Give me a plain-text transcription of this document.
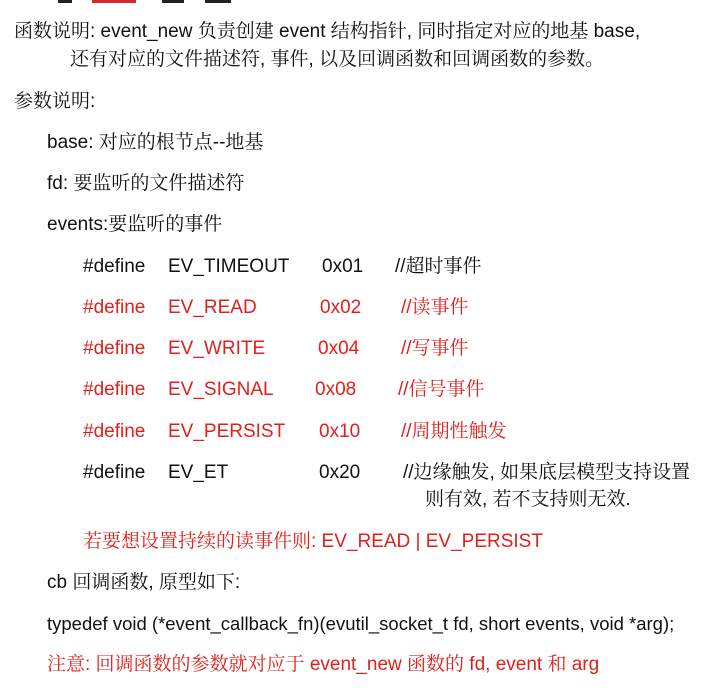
函数说明: event_new 负责创建 event 结构指针, 同时指定对应的地基 base,
还有对应的文件描述符, 事件, 以及回调函数和回调函数的参数。
参数说明:
base: 对应的根节点--地基
fd: 要监听的文件描述符
events:要监听的事件
#define EV_TIMEOUT 0x01 //超时事件
#define EV_READ	0x02 //读事件
#define EV_WRITE	0x04 //写事件
#define EV_SIGNAL 0x08 //信号事件
#define EV_PERSIST 0x10 //周期性触发
#define EV_ET	0x20 //边缘触发, 如果底层模型支持设置
则有效, 若不支持则无效.
若要想设置持续的读事件则: EV_READ | EV_PERSIST
cb 回调函数, 原型如下:
typedef void (*event_callback_fn)(evutil_socket_t fd, short events, void *arg);
注意: 回调函数的参数就对应于 event_new 函数的 fd, event 和 arg
